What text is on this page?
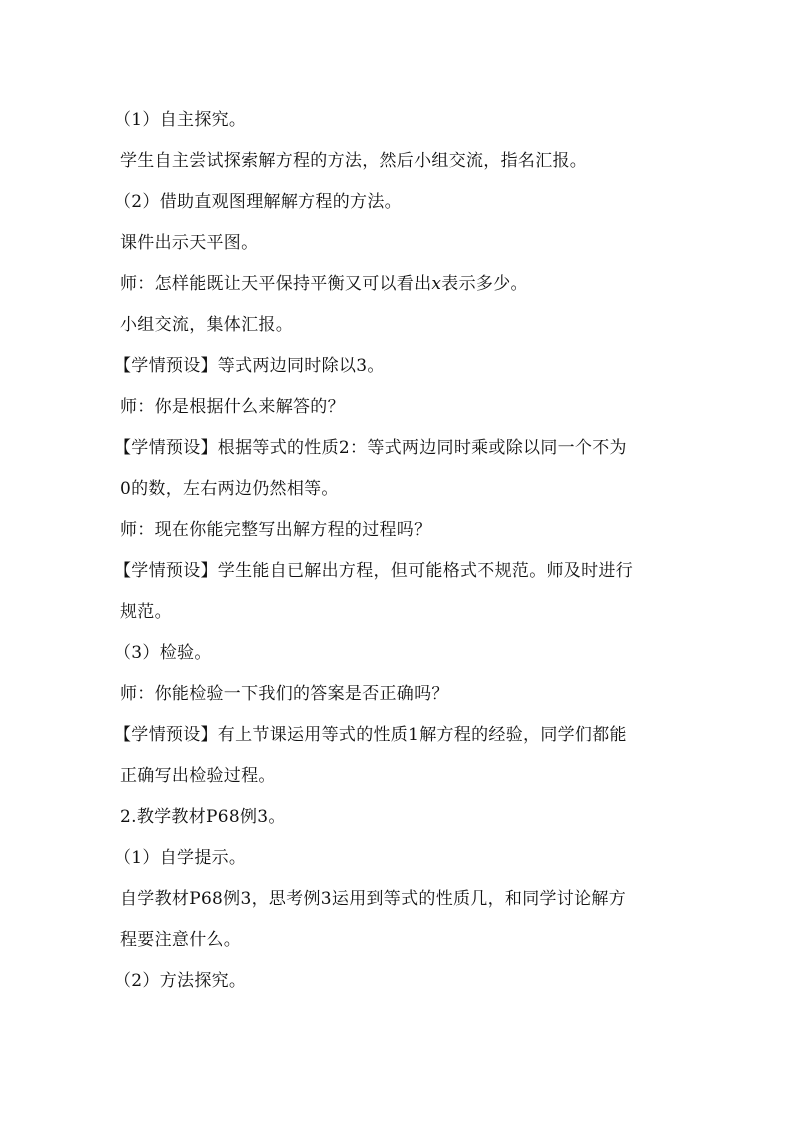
（1）自主探究。
学生自主尝试探索解方程的方法，然后小组交流，指名汇报。
（2）借助直观图理解解方程的方法。
课件出示天平图。
师：怎样能既让天平保持平衡又可以看出x表示多少。
小组交流，集体汇报。
【学情预设】等式两边同时除以3。
师：你是根据什么来解答的？
【学情预设】根据等式的性质2：等式两边同时乘或除以同一个不为
0的数，左右两边仍然相等。
师：现在你能完整写出解方程的过程吗？
【学情预设】学生能自已解出方程，但可能格式不规范。师及时进行
规范。
（3）检验。
师：你能检验一下我们的答案是否正确吗？
【学情预设】有上节课运用等式的性质1解方程的经验，同学们都能
正确写出检验过程。
2.教学教材P68例3。
（1）自学提示。
自学教材P68例3，思考例3运用到等式的性质几，和同学讨论解方
程要注意什么。
（2）方法探究。
